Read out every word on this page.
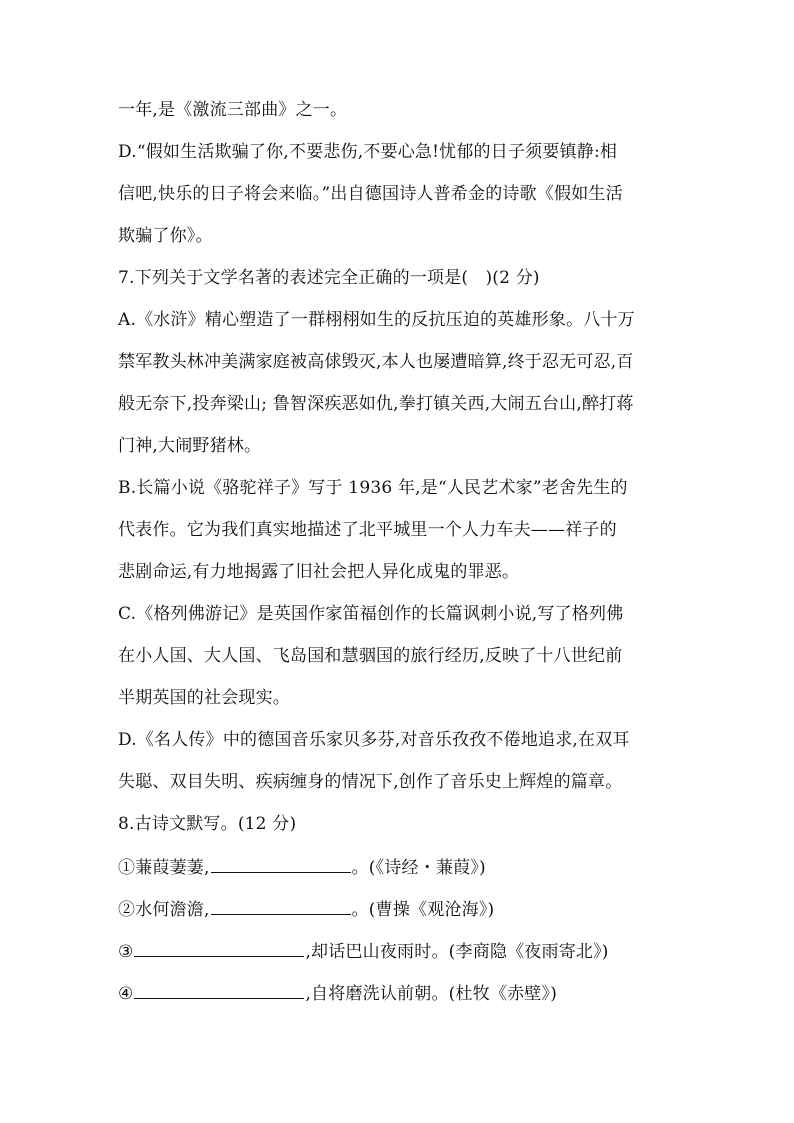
一年,是《激流三部曲》之一。
D.“假如生活欺骗了你,不要悲伤,不要心急!忧郁的日子须要镇静:相
信吧,快乐的日子将会来临。”出自德国诗人普希金的诗歌《假如生活
欺骗了你》。
7.下列关于文学名著的表述完全正确的一项是(　)(2 分)
A.《水浒》精心塑造了一群栩栩如生的反抗压迫的英雄形象。八十万
禁军教头林冲美满家庭被高俅毁灭,本人也屡遭暗算,终于忍无可忍,百
般无奈下,投奔梁山; 鲁智深疾恶如仇,拳打镇关西,大闹五台山,醉打蒋
门神,大闹野猪林。
B.长篇小说《骆驼祥子》写于 1936 年,是“人民艺术家”老舍先生的
代表作。它为我们真实地描述了北平城里一个人力车夫——祥子的
悲剧命运,有力地揭露了旧社会把人异化成鬼的罪恶。
C.《格列佛游记》是英国作家笛福创作的长篇讽刺小说,写了格列佛
在小人国、大人国、飞岛国和慧骃国的旅行经历,反映了十八世纪前
半期英国的社会现实。
D.《名人传》中的德国音乐家贝多芬,对音乐孜孜不倦地追求,在双耳
失聪、双目失明、疾病缠身的情况下,创作了音乐史上辉煌的篇章。
8.古诗文默写。(12 分)
①蒹葭萋萋,	。(《诗经・蒹葭》)
②水何澹澹,	。(曹操《观沧海》)
③	,却话巴山夜雨时。(李商隐《夜雨寄北》)
④	,自将磨洗认前朝。(杜牧《赤壁》)
